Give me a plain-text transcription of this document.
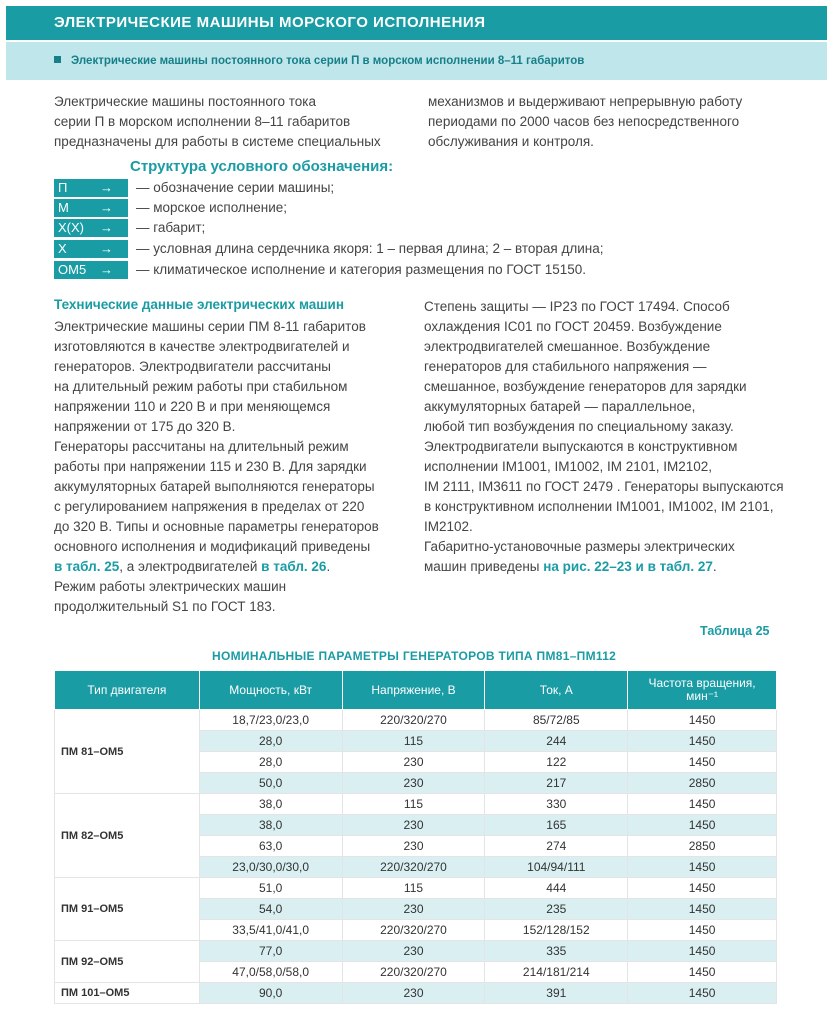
ЭЛЕКТРИЧЕСКИЕ МАШИНЫ МОРСКОГО ИСПОЛНЕНИЯ
Электрические машины постоянного тока серии П в морском исполнении 8–11 габаритов

Электрические машины постоянного тока

серии П в морском исполнении 8–11 габаритов

предназначены для работы в системе специальных

механизмов и выдерживают непрерывную работу

периодами по 2000 часов без непосредственного

обслуживания и контроля.

Структура условного обозначения:
П	→ — обозначение серии машины;
М	→ — морское исполнение;
Х(Х)	→ — габарит;
Х	→ — условная длина сердечника якоря: 1 – первая длина; 2 – вторая длина;
ОМ5	→ — климатическое исполнение и категория размещения по ГОСТ 15150.
Технические данные электрических машин

Электрические машины серии ПМ 8-11 габаритов

изготовляются в качестве электродвигателей и

генераторов. Электродвигатели рассчитаны

на длительный режим работы при стабильном

напряжении 110 и 220 В и при меняющемся

напряжении от 175 до 320 В.

Генераторы рассчитаны на длительный режим

работы при напряжении 115 и 230 В. Для зарядки

аккумуляторных батарей выполняются генераторы

с регулированием напряжения в пределах от 220

до 320 В. Типы и основные параметры генераторов

основного исполнения и модификаций приведены

в табл. 25, а электродвигателей в табл. 26.

Режим работы электрических машин

продолжительный S1 по ГОСТ 183.

Степень защиты — IP23 по ГОСТ 17494. Способ

охлаждения IC01 по ГОСТ 20459. Возбуждение

электродвигателей смешанное. Возбуждение

генераторов для стабильного напряжения —

смешанное, возбуждение генераторов для зарядки

аккумуляторных батарей — параллельное,

любой тип возбуждения по специальному заказу.

Электродвигатели выпускаются в конструктивном

исполнении IM1001, IM1002, IM 2101, IM2102,

IM 2111, IM3611 по ГОСТ 2479 . Генераторы выпускаются

в конструктивном исполнении IM1001, IM1002, IM 2101,

IM2102.

Габаритно-установочные размеры электрических

машин приведены на рис. 22–23 и в табл. 27.

Таблица 25
НОМИНАЛЬНЫЕ ПАРАМЕТРЫ ГЕНЕРАТОРОВ ТИПА ПМ81–ПМ112
Тип двигателя	Мощность, кВт	Напряжение, В	Ток, А	Частота вращения, мин⁻¹
ПМ 81–ОМ5	18,7/23,0/23,0	220/320/270	85/72/85	1450
	28,0	115	244	1450
	28,0	230	122	1450
	50,0	230	217	2850
ПМ 82–ОМ5	38,0	115	330	1450
	38,0	230	165	1450
	63,0	230	274	2850
	23,0/30,0/30,0	220/320/270	104/94/111	1450
ПМ 91–ОМ5	51,0	115	444	1450
	54,0	230	235	1450
	33,5/41,0/41,0	220/320/270	152/128/152	1450
ПМ 92–ОМ5	77,0	230	335	1450
	47,0/58,0/58,0	220/320/270	214/181/214	1450
ПМ 101–ОМ5	90,0	230	391	1450
